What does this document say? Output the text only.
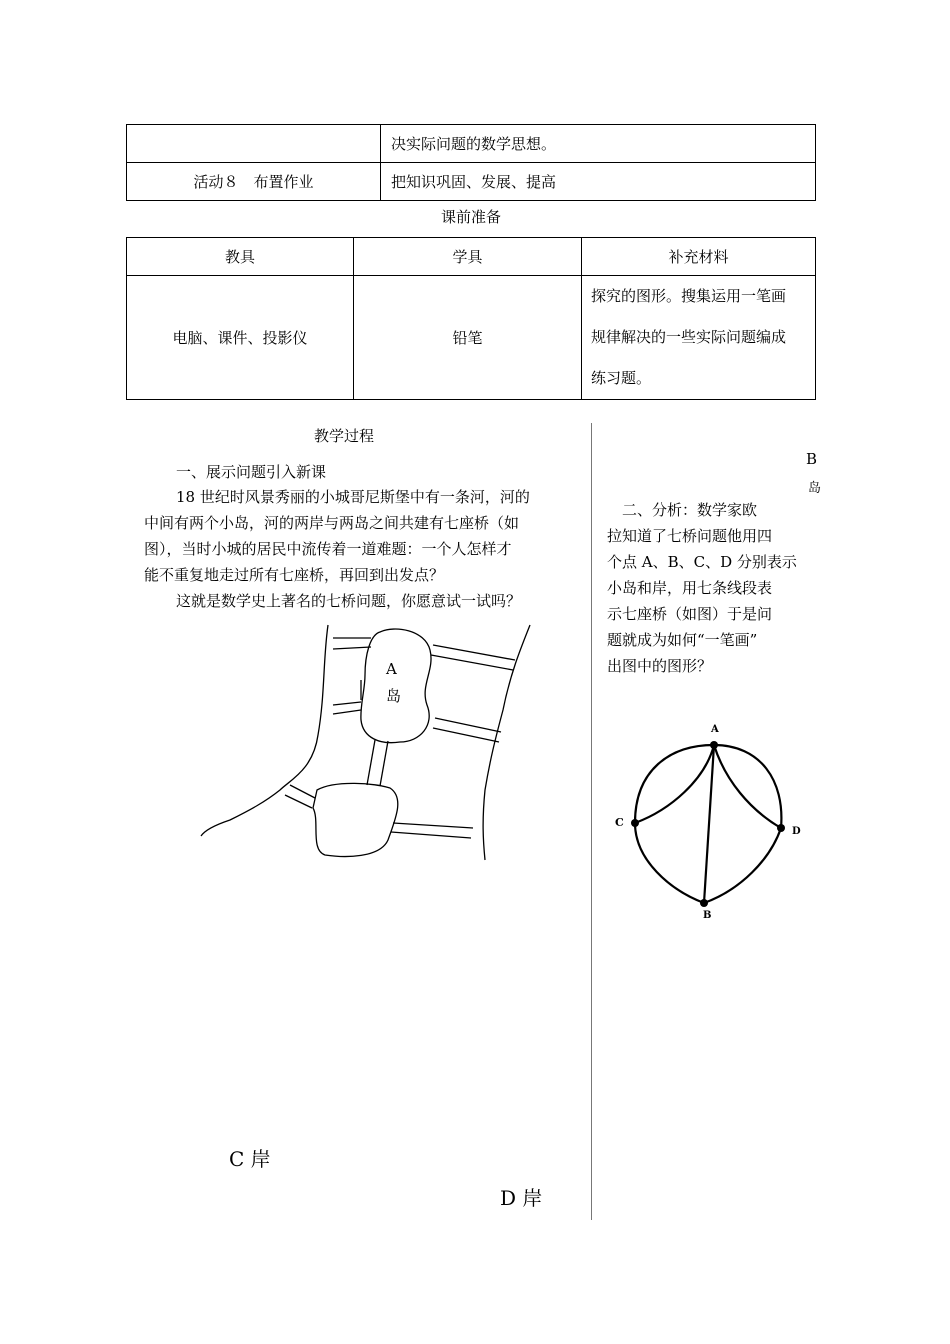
	决实际问题的数学思想。
活动８　布置作业	把知识巩固、发展、提高
课前准备
教具	学具	补充材料
电脑、课件、投影仪	铅笔	探究的图形。搜集运用一笔画
规律解决的一些实际问题编成
练习题。
教学过程
一、展示问题引入新课
18 世纪时风景秀丽的小城哥尼斯堡中有一条河，河的
中间有两个小岛，河的两岸与两岛之间共建有七座桥（如
图），当时小城的居民中流传着一道难题：一个人怎样才
能不重复地走过所有七座桥，再回到出发点？
这就是数学史上著名的七桥问题，你愿意试一试吗？
A
岛
C 岸
D 岸
B
岛
　二、分析：数学家欧
拉知道了七桥问题他用四
个点 A、B、C、D 分别表示
小岛和岸，用七条线段表
示七座桥（如图）于是问
题就成为如何“一笔画”
出图中的图形？
A
C
D
B
